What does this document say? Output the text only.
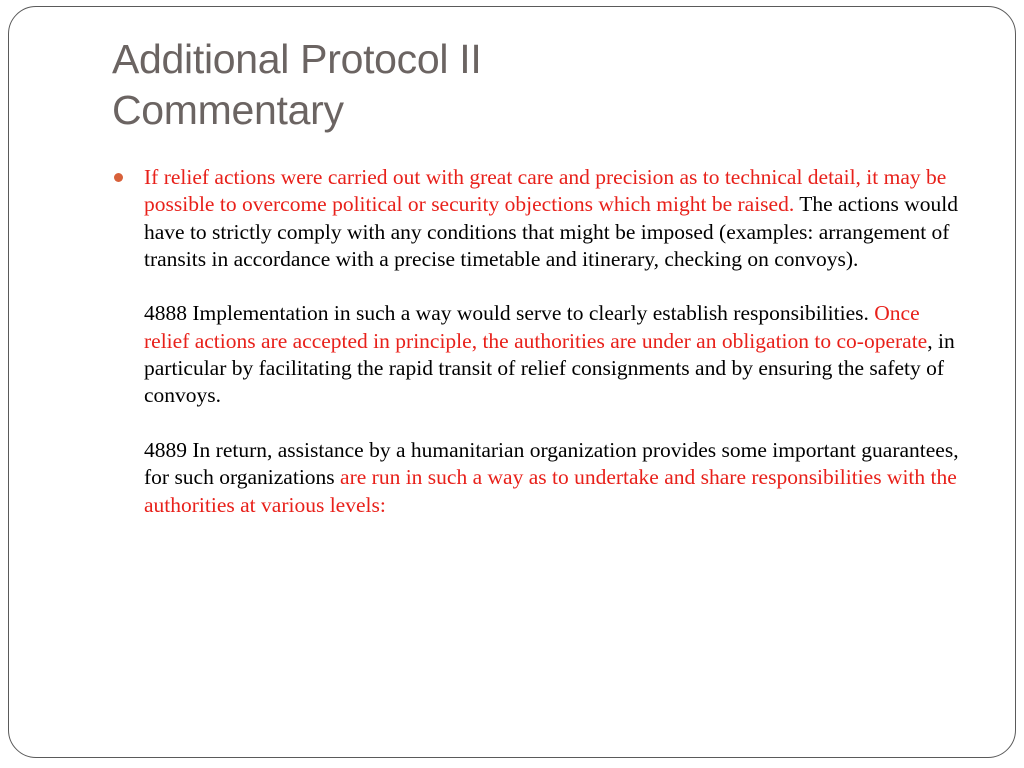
Additional Protocol II
Commentary

If relief actions were carried out with great care and precision as to technical detail, it may be possible to overcome political or security objections which might be raised. The actions would have to strictly comply with any conditions that might be imposed (examples: arrangement of transits in accordance with a precise timetable and itinerary, checking on convoys).

4888 Implementation in such a way would serve to clearly establish responsibilities. Once relief actions are accepted in principle, the authorities are under an obligation to co-operate, in particular by facilitating the rapid transit of relief consignments and by ensuring the safety of convoys.

4889 In return, assistance by a humanitarian organization provides some important guarantees, for such organizations are run in such a way as to undertake and share responsibilities with the authorities at various levels:
